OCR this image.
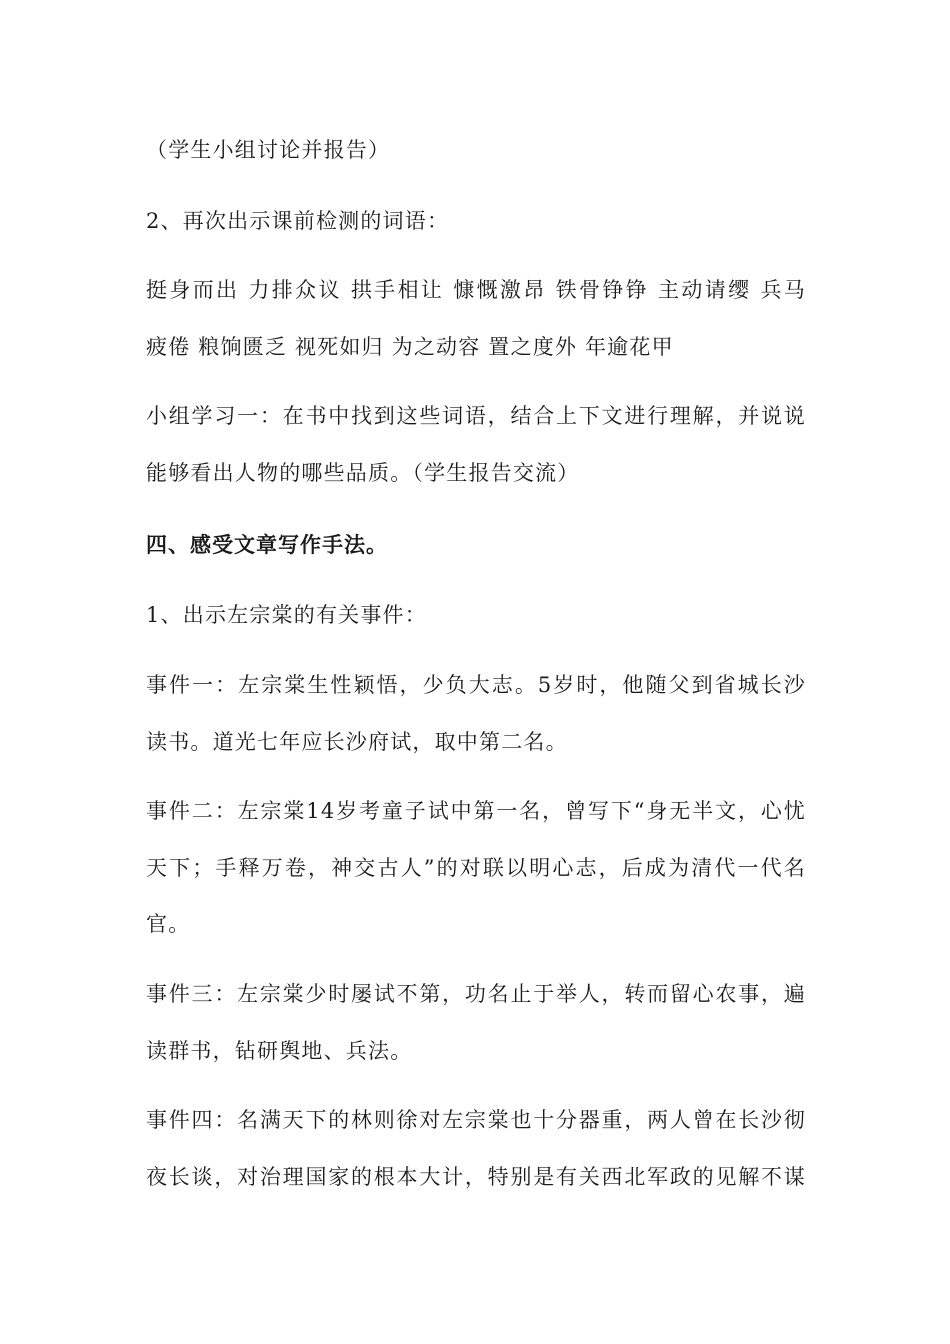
（学生小组讨论并报告）
2、再次出示课前检测的词语：
挺身而出 力排众议 拱手相让 慷慨激昂 铁骨铮铮 主动请缨 兵马
疲倦 粮饷匮乏 视死如归 为之动容 置之度外 年逾花甲
小组学习一：在书中找到这些词语，结合上下文进行理解，并说说
能够看出人物的哪些品质。（学生报告交流）
四、感受文章写作手法。
1、出示左宗棠的有关事件：
事件一：左宗棠生性颖悟，少负大志。5岁时，他随父到省城长沙
读书。道光七年应长沙府试，取中第二名。
事件二：左宗棠14岁考童子试中第一名，曾写下“身无半文，心忧
天下；手释万卷，神交古人”的对联以明心志，后成为清代一代名
官。
事件三：左宗棠少时屡试不第，功名止于举人，转而留心农事，遍
读群书，钻研舆地、兵法。
事件四：名满天下的林则徐对左宗棠也十分器重，两人曾在长沙彻
夜长谈，对治理国家的根本大计，特别是有关西北军政的见解不谋
